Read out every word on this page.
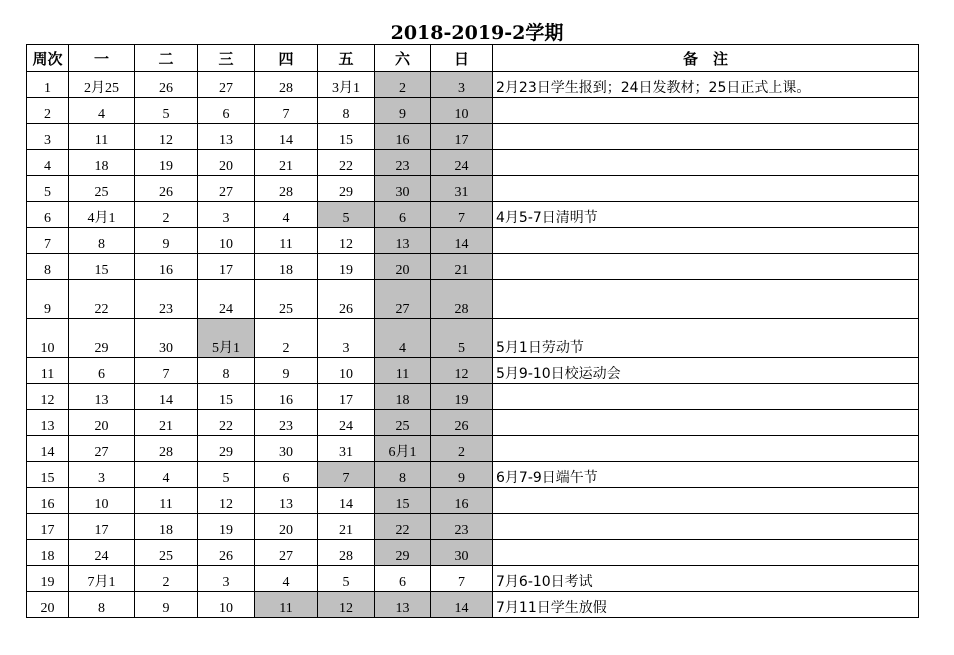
2018-2019-2学期
周次	一	二	三	四	五	六	日	备　注
1	2月25	26	27	28	3月1	2	3	2月23日学生报到；24日发教材；25日正式上课。
2	4	5	6	7	8	9	10	
3	11	12	13	14	15	16	17	
4	18	19	20	21	22	23	24	
5	25	26	27	28	29	30	31	
6	4月1	2	3	4	5	6	7	4月5-7日清明节
7	8	9	10	11	12	13	14	
8	15	16	17	18	19	20	21	
9	22	23	24	25	26	27	28	
10	29	30	5月1	2	3	4	5	5月1日劳动节
11	6	7	8	9	10	11	12	5月9-10日校运动会
12	13	14	15	16	17	18	19	
13	20	21	22	23	24	25	26	
14	27	28	29	30	31	6月1	2	
15	3	4	5	6	7	8	9	6月7-9日端午节
16	10	11	12	13	14	15	16	
17	17	18	19	20	21	22	23	
18	24	25	26	27	28	29	30	
19	7月1	2	3	4	5	6	7	7月6-10日考试
20	8	9	10	11	12	13	14	7月11日学生放假
